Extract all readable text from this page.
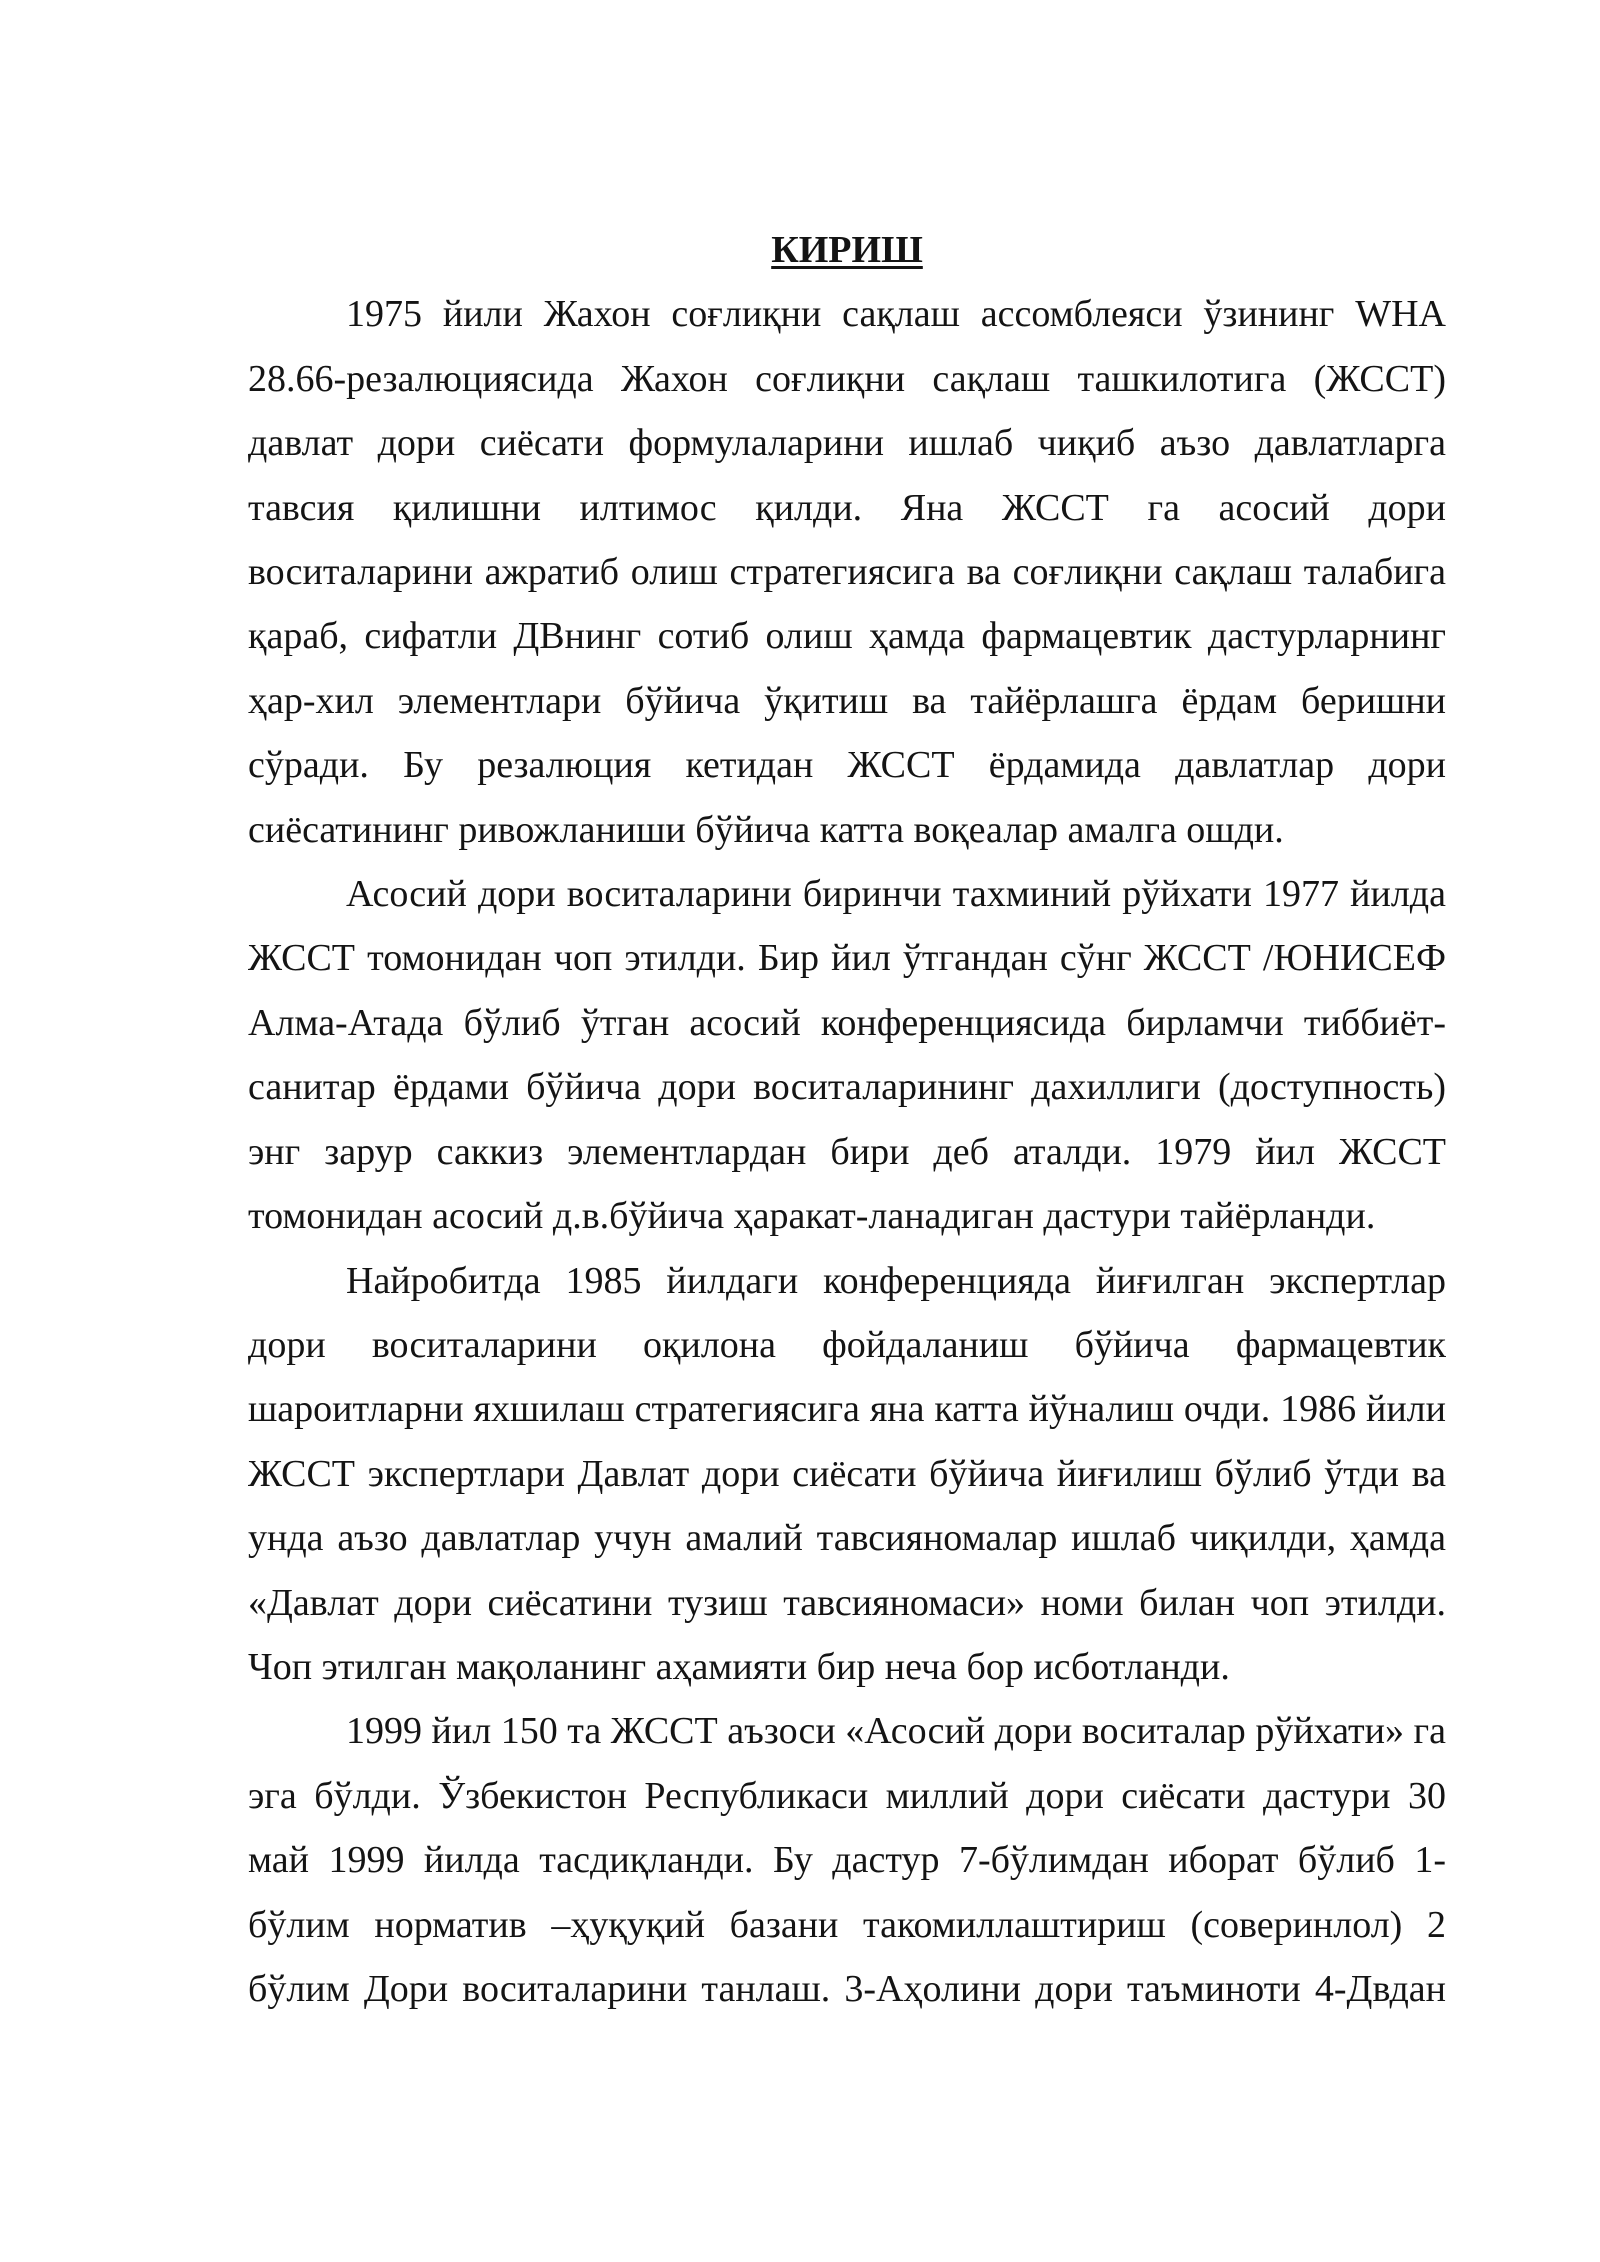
КИРИШ

1975 йили Жахон соғлиқни сақлаш ассомблеяси ўзининг WHA 28.66-резалюциясида Жахон соғлиқни сақлаш ташкилотига (ЖССТ) давлат дори сиёсати формулаларини ишлаб чиқиб аъзо давлатларга тавсия қилишни илтимос қилди. Яна ЖССТ га асосий дори воситаларини ажратиб олиш стратегиясига ва соғлиқни сақлаш талабига қараб, сифатли ДВнинг сотиб олиш ҳамда фармацевтик дастурларнинг ҳар-хил элементлари бўйича ўқитиш ва тайёрлашга ёрдам беришни сўради. Бу резалюция кетидан ЖССТ ёрдамида давлатлар дори сиёсатининг ривожланиши бўйича катта воқеалар амалга ошди.

Асосий дори воситаларини биринчи тахминий рўйхати 1977 йилда ЖССТ томонидан чоп этилди. Бир йил ўтгандан сўнг ЖССТ /ЮНИСЕФ Алма-Атада бўлиб ўтган асосий конференциясида бирламчи тиббиёт-санитар ёрдами бўйича дори воситаларининг дахиллиги (доступность) энг зарур саккиз элементлардан бири деб аталди. 1979 йил ЖССТ томонидан асосий д.в.бўйича ҳаракат-ланадиган дастури тайёрланди.

Найробитда 1985 йилдаги конференцияда йиғилган экспертлар дори воситаларини оқилона фойдаланиш бўйича фармацевтик шароитларни яхшилаш стратегиясига яна катта йўналиш очди. 1986 йили ЖССТ экспертлари Давлат дори сиёсати бўйича йиғилиш бўлиб ўтди ва унда аъзо давлатлар учун амалий тавсияномалар ишлаб чиқилди, ҳамда «Давлат дори сиёсатини тузиш тавсияномаси» номи билан чоп этилди. Чоп этилган мақоланинг аҳамияти бир неча бор исботланди.

1999 йил 150 та ЖССТ аъзоси «Асосий дори воситалар рўйхати» га эга бўлди. Ўзбекистон Республикаси миллий дори сиёсати дастури 30 май 1999 йилда тасдиқланди. Бу дастур 7-бўлимдан иборат бўлиб 1-бўлим норматив –ҳуқуқий базани такомиллаштириш (соверинлол) 2 бўлим Дори воситаларини танлаш. 3-Аҳолини дори таъминоти 4-Двдан
